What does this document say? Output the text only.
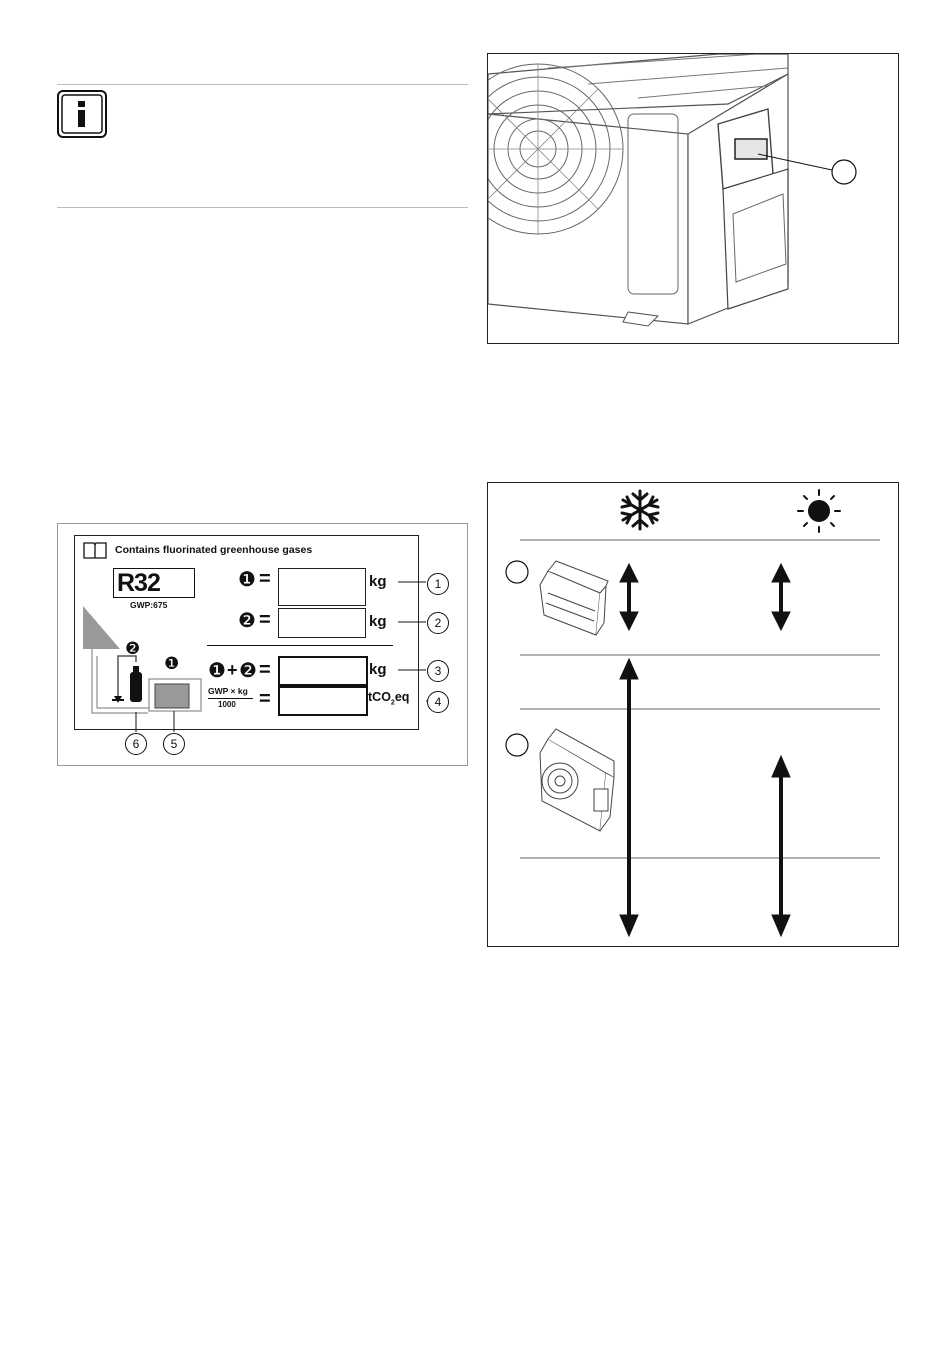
Contains fluorinated greenhouse gases
R32
GWP:675
❶ =	kg
❷ =	kg
❶ + ❷ =	kg
GWP × kg
1000 =	tCO$_2$eq
❷
❶
1
2
3
4
5
6
